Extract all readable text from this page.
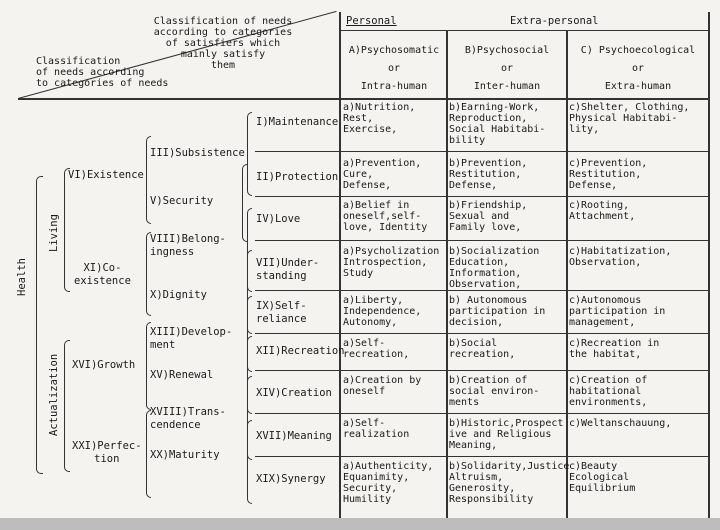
Classification of needs
according to categories
of satisfiers which
mainly satisfy
them
Classification
of needs according
to categories of needs
Personal	Extra-personal
A)Psychosomatic
or
Intra-human
B)Psychosocial
or
Inter-human
C) Psychoecological
or
Extra-human
Health
Living
Actualization
VI)Existence
XI)Co-
existence
XVI)Growth
XXI)Perfec-
tion
III)Subsistence
V)Security
VIII)Belong-
ingness
X)Dignity
XIII)Develop-
ment
XV)Renewal
XVIII)Trans-
cendence
XX)Maturity
I)Maintenance
a)Nutrition,
Rest,
Exercise,
b)Earning-Work,
Reproduction,
Social Habitabi-
bility
c)Shelter, Clothing,
Physical Habitabi-
lity,
II)Protection
a)Prevention,
Cure,
Defense,
b)Prevention,
Restitution,
Defense,
c)Prevention,
Restitution,
Defense,
IV)Love
a)Belief in
oneself,self-
love, Identity
b)Friendship,
Sexual and
Family love,
c)Rooting,
Attachment,
VII)Under-
standing
a)Psycholization
Introspection,
Study
b)Socialization
Education,
Information,
Observation,
c)Habitatization,
Observation,
IX)Self-
reliance
a)Liberty,
Independence,
Autonomy,
b) Autonomous
participation in
decision,
c)Autonomous
participation in
management,
XII)Recreation
a)Self-
recreation,
b)Social
recreation,
c)Recreation in
the habitat,
XIV)Creation
a)Creation by
oneself
b)Creation of
social environ-
ments
c)Creation of
habitational
environments,
XVII)Meaning
a)Self-
realization
b)Historic,Prospect
ive and Religious
Meaning,
c)Weltanschauung,
XIX)Synergy
a)Authenticity,
Equanimity,
Security,
Humility
b)Solidarity,Justice
Altruism,
Generosity,
Responsibility
c)Beauty
Ecological
Equilibrium
